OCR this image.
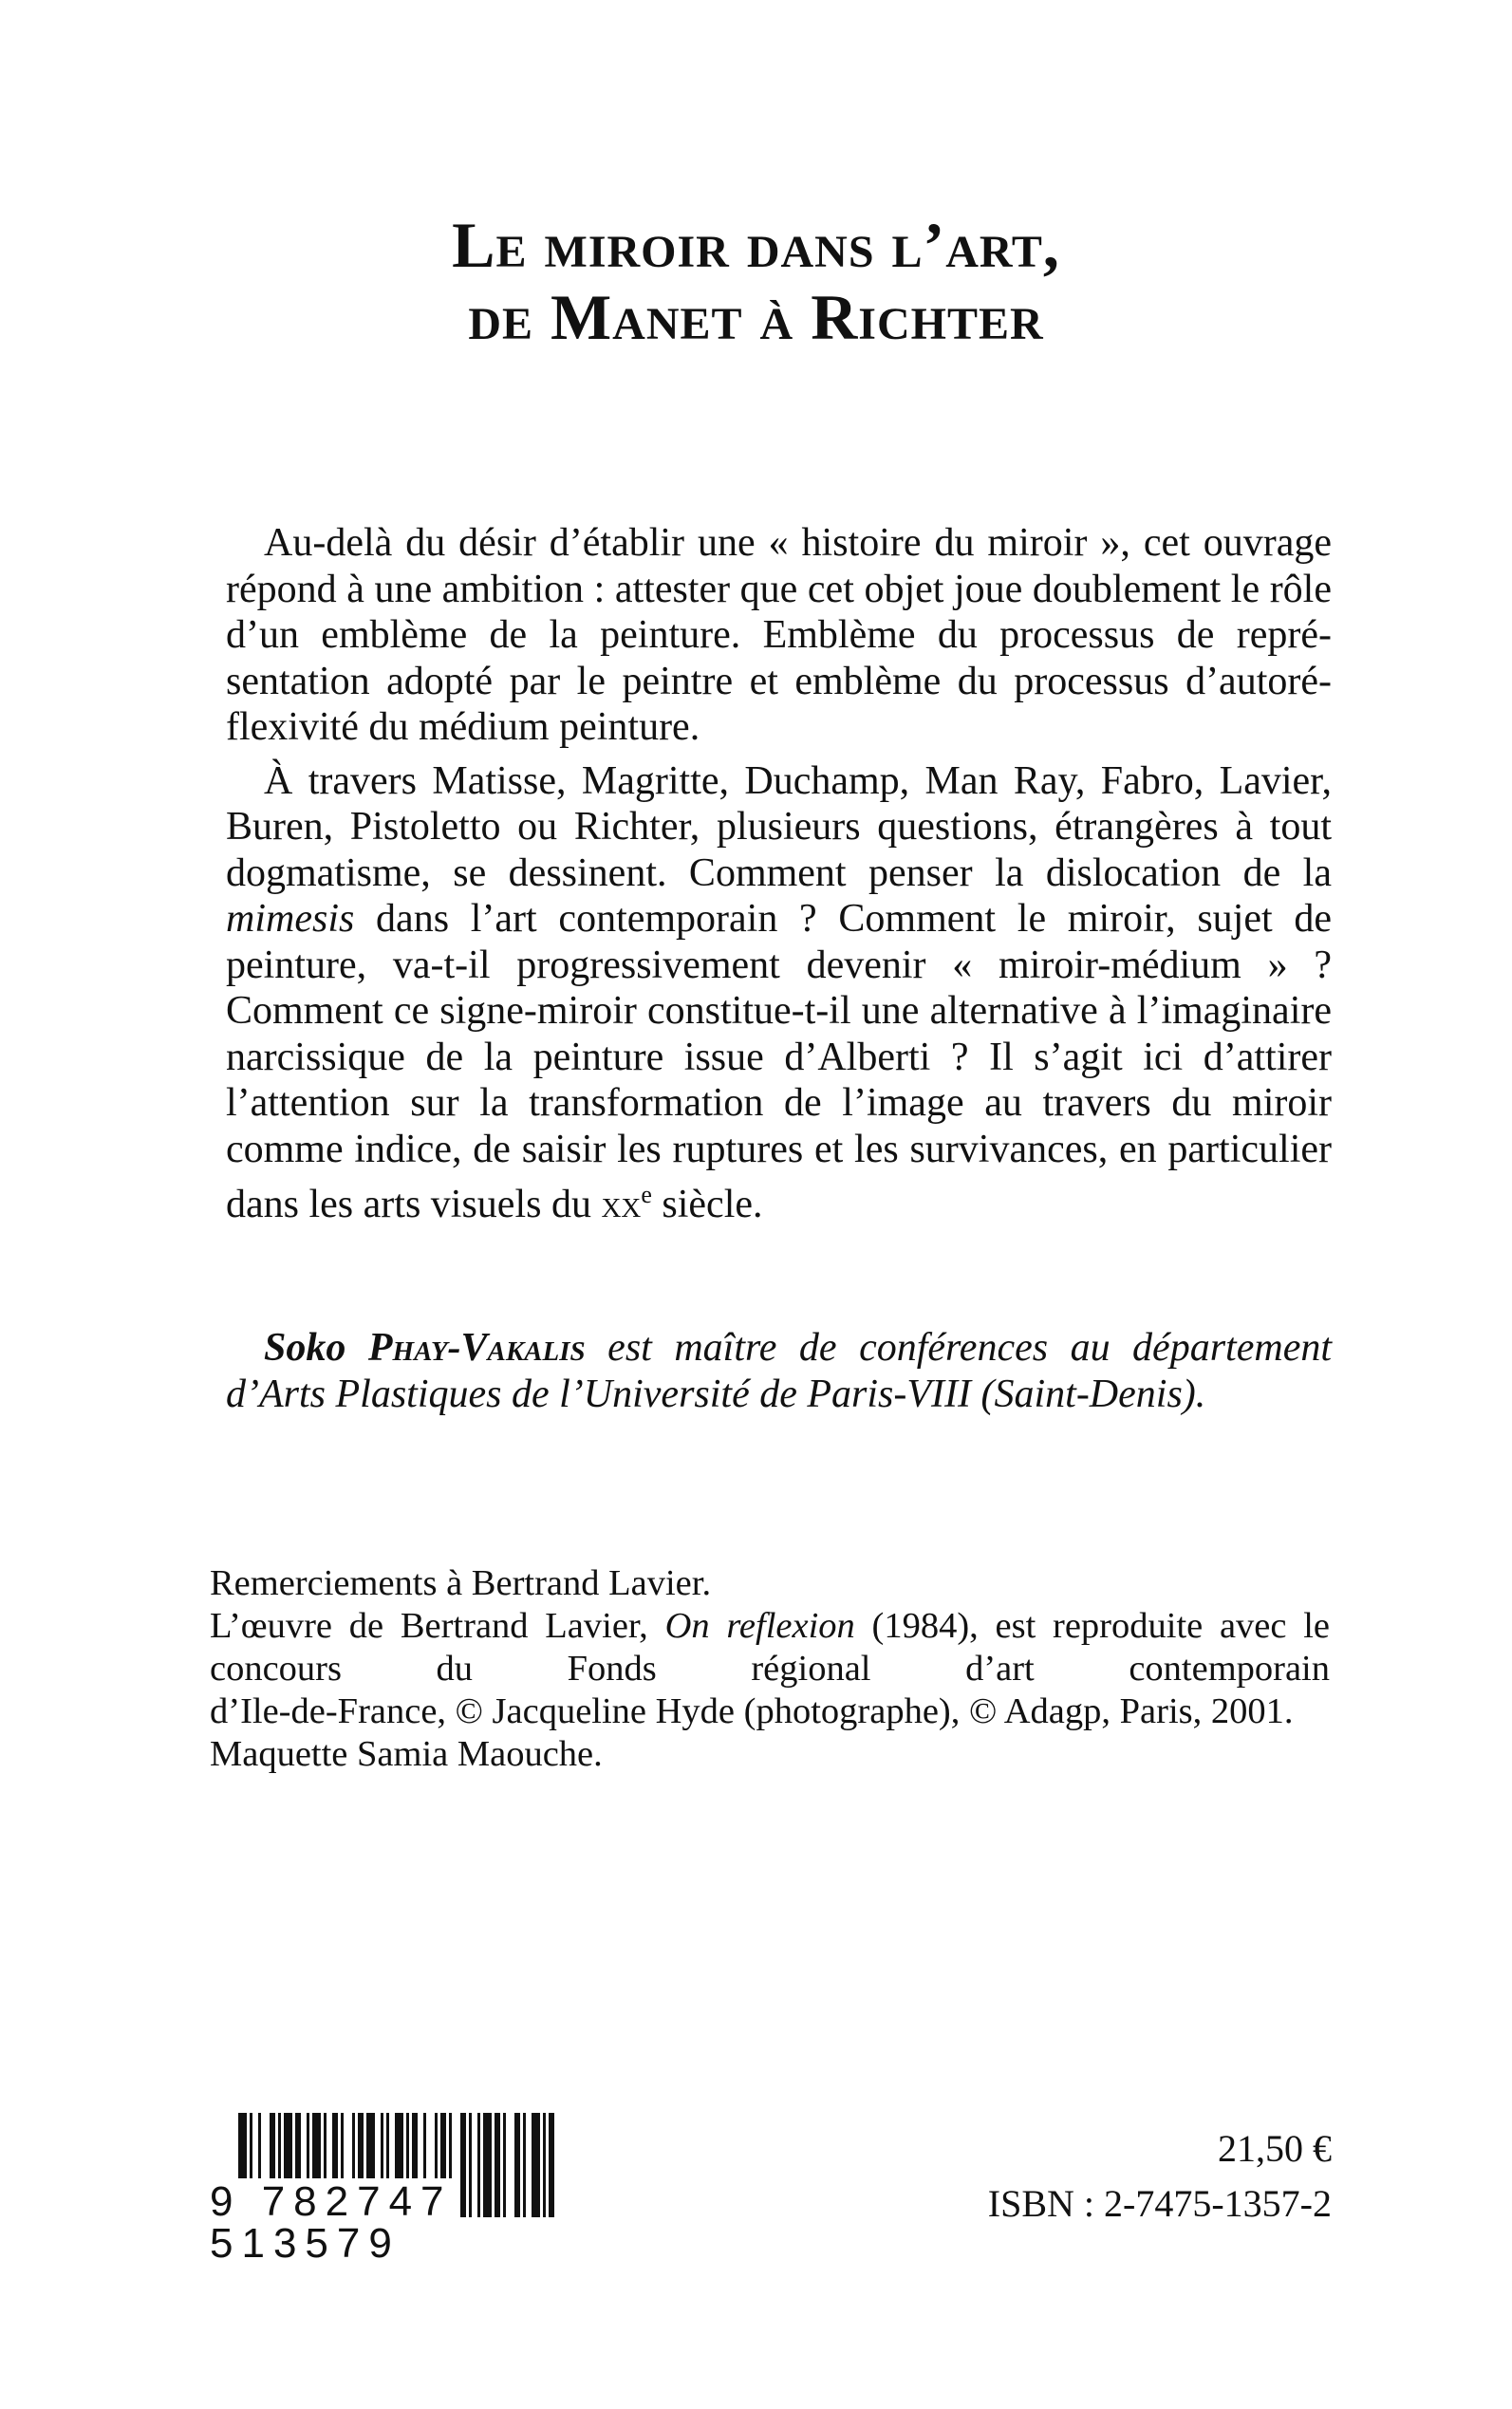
Le miroir dans l’art,
de Manet à Richter

Au-delà du désir d’établir une « histoire du miroir », cet ouvrage répond à une ambition : attester que cet objet joue doublement le rôle d’un emblème de la peinture. Emblème du processus de représentation adopté par le peintre et emblème du processus d’autoréflexivité du médium peinture.

À travers Matisse, Magritte, Duchamp, Man Ray, Fabro, Lavier, Buren, Pistoletto ou Richter, plusieurs questions, étrangères à tout dogmatisme, se dessinent. Comment penser la dislocation de la mimesis dans l’art contemporain ? Comment le miroir, sujet de peinture, va-t-il progressivement devenir « miroir-médium » ? Comment ce signe-miroir constitue-t-il une alternative à l’imaginaire narcissique de la peinture issue d’Alberti ? Il s’agit ici d’attirer l’attention sur la transformation de l’image au travers du miroir comme indice, de saisir les ruptures et les survivances, en particulier dans les arts visuels du $xx^e$ siècle.

Soko Phay-Vakalis est maître de conférences au département d’Arts Plastiques de l’Université de Paris-VIII (Saint-Denis).
Remerciements à Bertrand Lavier.
L’œuvre de Bertrand Lavier, On reflexion (1984), est reproduite avec le concours du Fonds régional d’art contemporain
d’Ile-de-France, © Jacqueline Hyde (photographe), © Adagp, Paris, 2001.
Maquette Samia Maouche.
9 782747 513579
21,50 €
ISBN : 2-7475-1357-2
